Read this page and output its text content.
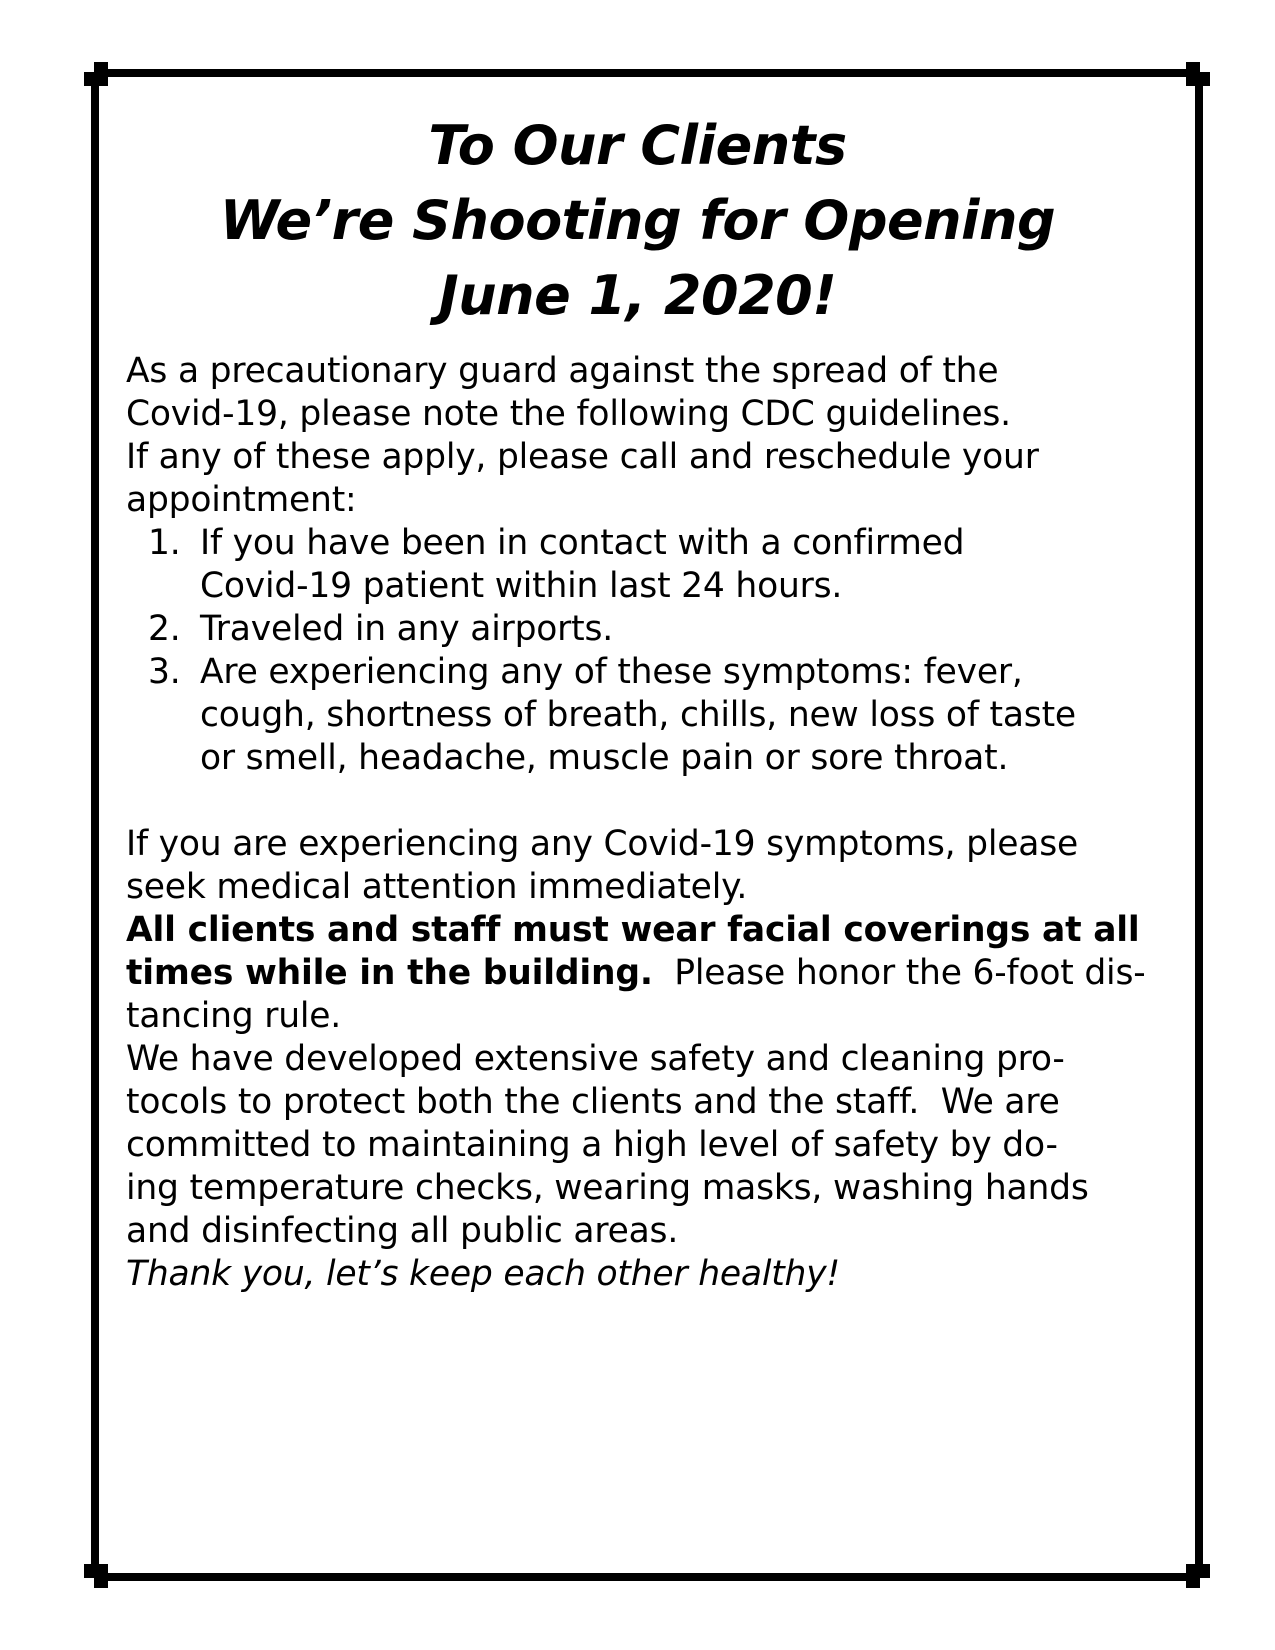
To Our Clients
We’re Shooting for Opening
June 1, 2020!

As a precautionary guard against the spread of the
Covid-19, please note the following CDC guidelines.
If any of these apply, please call and reschedule your
appointment:

1. If you have been in contact with a confirmed
Covid-19 patient within last 24 hours.
2. Traveled in any airports.
3. Are experiencing any of these symptoms: fever,
cough, shortness of breath, chills, new loss of taste
or smell, headache, muscle pain or sore throat.

If you are experiencing any Covid-19 symptoms, please
seek medical attention immediately.

All clients and staff must wear facial coverings at all
times while in the building.  Please honor the 6-foot dis-
tancing rule.

We have developed extensive safety and cleaning pro-
tocols to protect both the clients and the staff.  We are
committed to maintaining a high level of safety by do-
ing temperature checks, wearing masks, washing hands
and disinfecting all public areas.

Thank you, let’s keep each other healthy!
